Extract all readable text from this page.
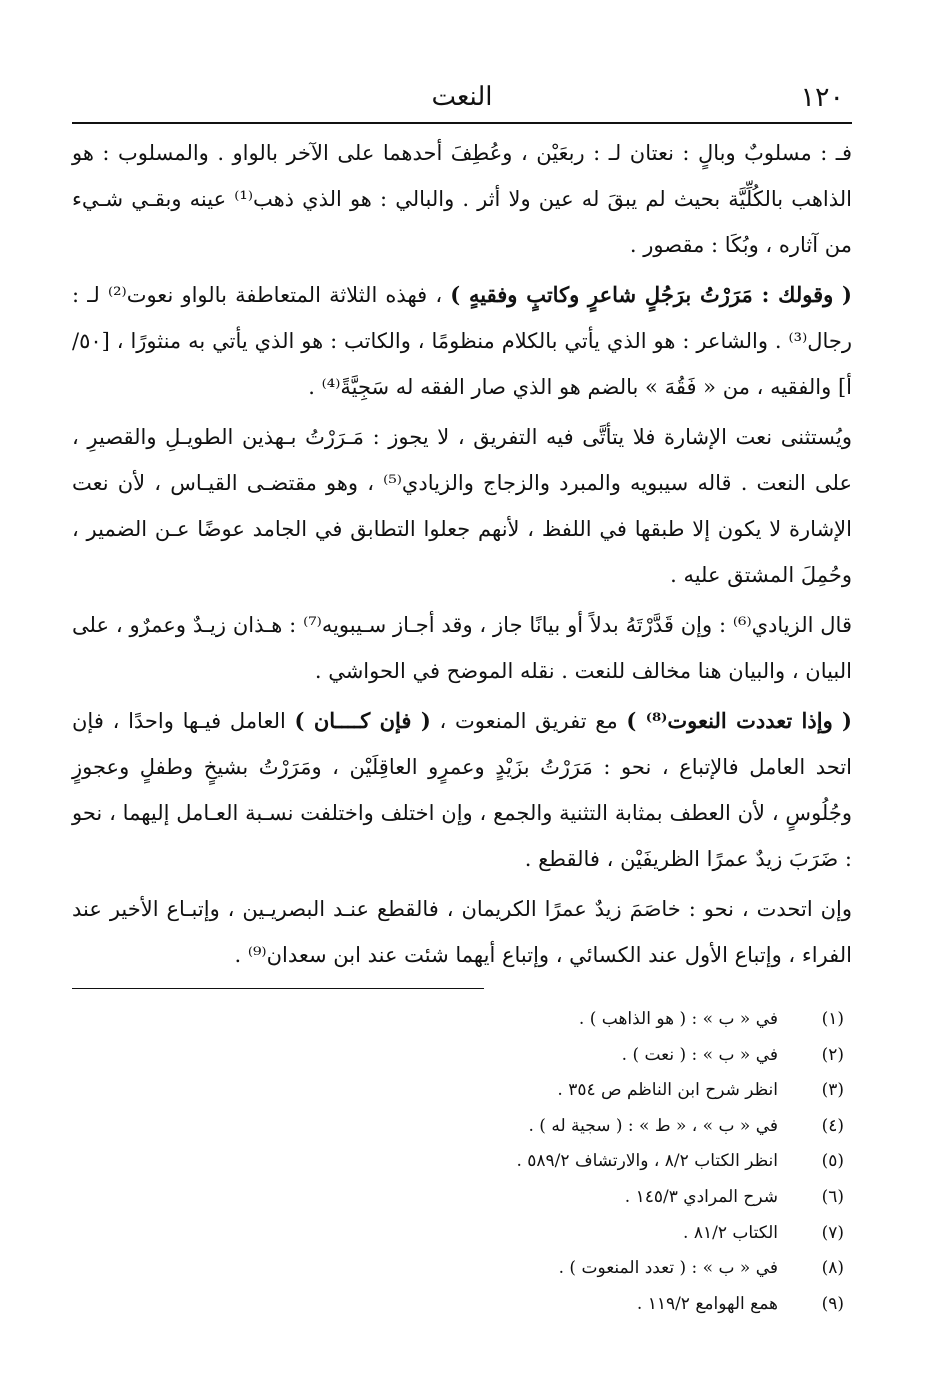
١٢٠
النعت

فـ : مسلوبٌ وبالٍ : نعتان لـ : ربعَيْن ، وعُطِفَ أحدهما على الآخر بالواو . والمسلوب : هو الذاهب بالكُلِّيَّة بحيث لم يبقَ له عين ولا أثر . والبالي : هو الذي ذهب⁽¹⁾ عينه وبقـي شـيء من آثاره ، وبُكَا : مقصور .

( وقولك : مَرَرْتُ برَجُلٍ شاعرٍ وكاتبٍ وفقيهٍ ) ، فهذه الثلاثة المتعاطفة بالواو نعوت⁽²⁾ لـ : رجال⁽³⁾ . والشاعر : هو الذي يأتي بالكلام منظومًا ، والكاتب : هو الذي يأتي به منثورًا ، [٥٠/أ] والفقيه ، من « فَقُهَ » بالضم هو الذي صار الفقه له سَجِيَّةً⁽⁴⁾ .

ويُستثنى نعت الإشارة فلا يتأتَّى فيه التفريق ، لا يجوز : مَـرَرْتُ بـهذين الطويـلِ والقصيرِ ، على النعت . قاله سيبويه والمبرد والزجاج والزيادي⁽⁵⁾ ، وهو مقتضـى القيـاس ، لأن نعت الإشارة لا يكون إلا طبقها في اللفظ ، لأنهم جعلوا التطابق في الجامد عوضًا عـن الضمير ، وحُمِلَ المشتق عليه .

قال الزيادي⁽⁶⁾ : وإن قَدَّرْتَهُ بدلاً أو بيانًا جاز ، وقد أجـاز سـيبويه⁽⁷⁾ : هـذان زيـدٌ وعمرٌو ، على البيان ، والبيان هنا مخالف للنعت . نقله الموضح في الحواشي .

( وإذا تعددت النعوت⁽⁸⁾ ) مع تفريق المنعوت ، ( فإن كــــان ) العامل فيـها واحدًا ، فإن اتحد العامل فالإتباع ، نحو : مَرَرْتُ بزَيْدٍ وعمرٍو العاقِلَيْن ، ومَرَرْتُ بشيخٍ وطفلٍ وعجوزٍ وجُلُوسٍ ، لأن العطف بمثابة التثنية والجمع ، وإن اختلف واختلفت نسـبة العـامل إليهما ، نحو : ضَرَبَ زيدٌ عمرًا الظريفَيْن ، فالقطع .

وإن اتحدت ، نحو : خاصَمَ زيدٌ عمرًا الكريمان ، فالقطع عنـد البصريـين ، وإتبـاع الأخير عند الفراء ، وإتباع الأول عند الكسائي ، وإتباع أيهما شئت عند ابن سعدان⁽⁹⁾ .

(١)
في « ب » : ( هو الذاهب ) .
(٢)
في « ب » : ( نعت ) .
(٣)
انظر شرح ابن الناظم ص ٣٥٤ .
(٤)
في « ب » ، « ط » : ( سجية له ) .
(٥)
انظر الكتاب ٨/٢ ، والارتشاف ٥٨٩/٢ .
(٦)
شرح المرادي ١٤٥/٣ .
(٧)
الكتاب ٨١/٢ .
(٨)
في « ب » : ( تعدد المنعوت ) .
(٩)
همع الهوامع ١١٩/٢ .
